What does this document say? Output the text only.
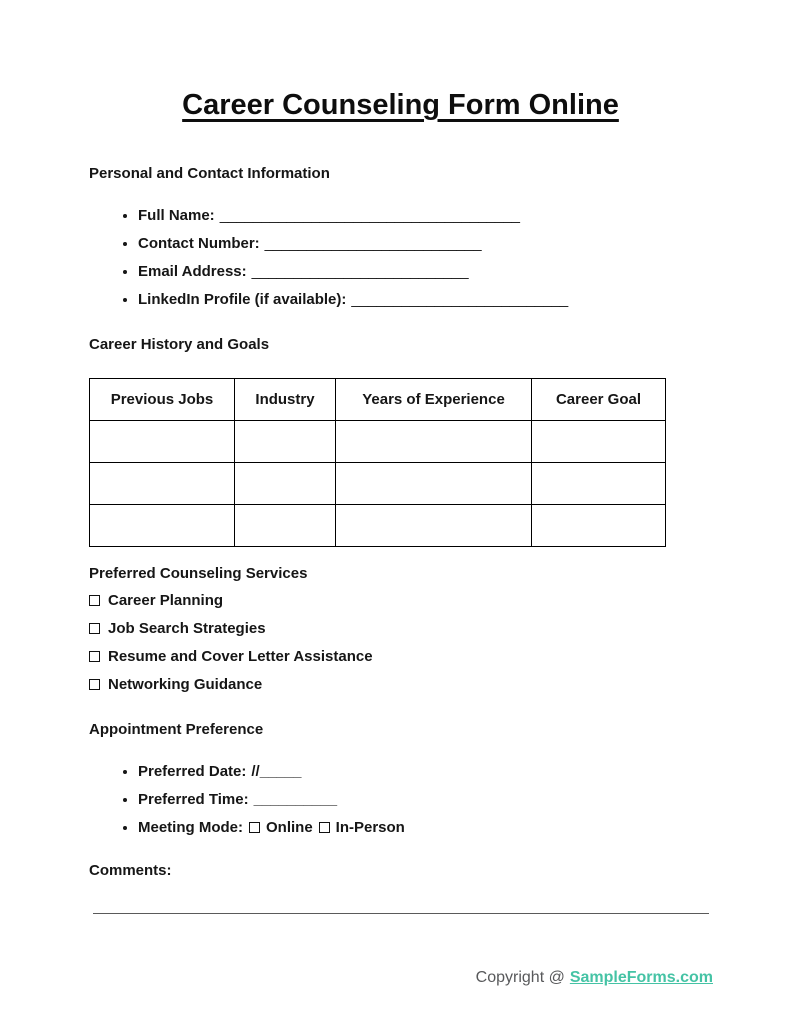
Career Counseling Form Online
Personal and Contact Information
• Full Name: ____________________________________
• Contact Number: __________________________
• Email Address: __________________________
• LinkedIn Profile (if available): __________________________
Career History and Goals
Previous Jobs	Industry	Years of Experience	Career Goal

Preferred Counseling Services
Career Planning
Job Search Strategies
Resume and Cover Letter Assistance
Networking Guidance
Appointment Preference
• Preferred Date: //_____
• Preferred Time: __________
• Meeting Mode: Online In-Person
Comments:
Copyright @ SampleForms.com
